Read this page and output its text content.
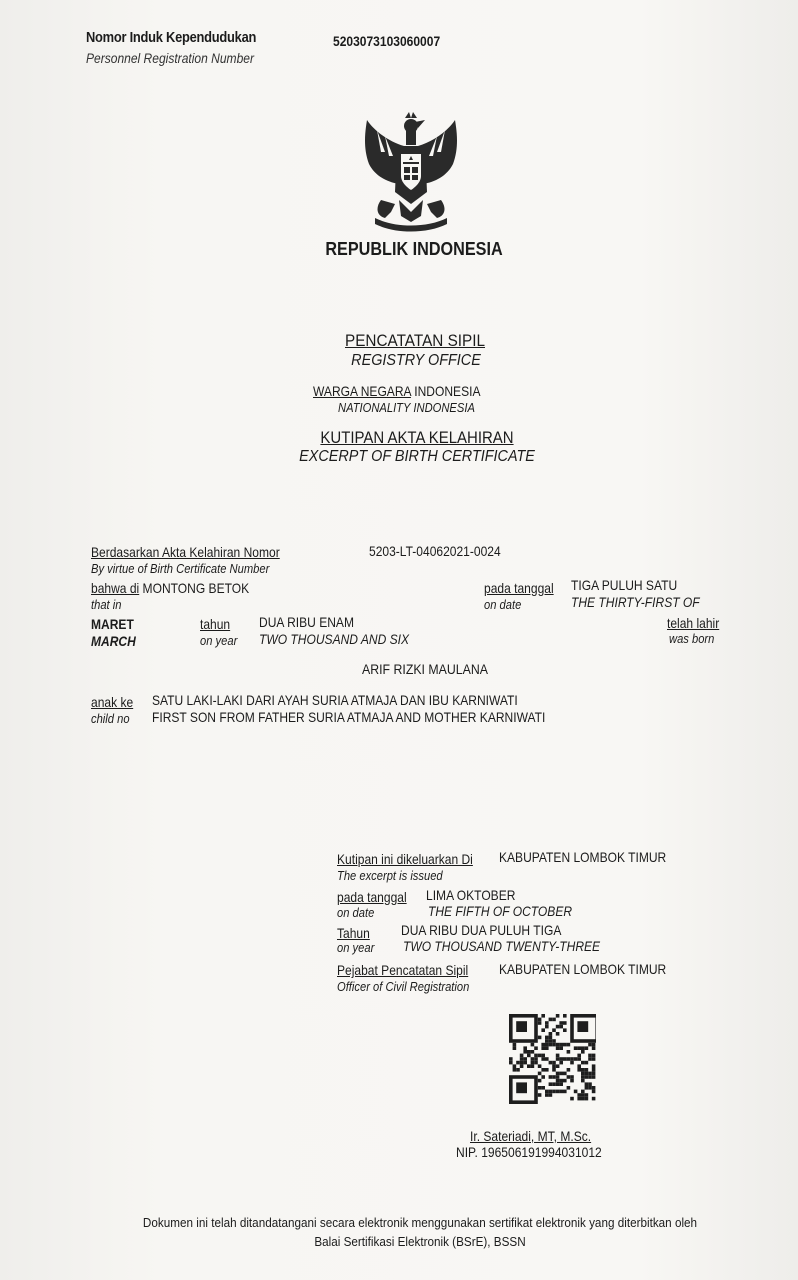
Nomor Induk Kependudukan
Personnel Registration Number
5203073103060007
REPUBLIK INDONESIA
PENCATATAN SIPIL
REGISTRY OFFICE
WARGA NEGARA INDONESIA
NATIONALITY INDONESIA
KUTIPAN AKTA KELAHIRAN
EXCERPT OF BIRTH CERTIFICATE
Berdasarkan Akta Kelahiran Nomor
By virtue of Birth Certificate Number
5203-LT-04062021-0024
bahwa di MONTONG BETOK
that in
pada tanggal
on date
TIGA PULUH SATU
THE THIRTY-FIRST OF
MARET
MARCH
tahun
on year
DUA RIBU ENAM
TWO THOUSAND AND SIX
telah lahir
was born
ARIF RIZKI MAULANA
anak ke
child no
SATU LAKI-LAKI DARI AYAH SURIA ATMAJA DAN IBU KARNIWATI
FIRST SON FROM FATHER SURIA ATMAJA AND MOTHER KARNIWATI
Kutipan ini dikeluarkan Di
The excerpt is issued
KABUPATEN LOMBOK TIMUR
pada tanggal
on date
LIMA OKTOBER
THE FIFTH OF OCTOBER
Tahun
on year
DUA RIBU DUA PULUH TIGA
TWO THOUSAND TWENTY-THREE
Pejabat Pencatatan Sipil
Officer of Civil Registration
KABUPATEN LOMBOK TIMUR
Ir. Sateriadi, MT, M.Sc.
NIP. 196506191994031012
Dokumen ini telah ditandatangani secara elektronik menggunakan sertifikat elektronik yang diterbitkan oleh
Balai Sertifikasi Elektronik (BSrE), BSSN
